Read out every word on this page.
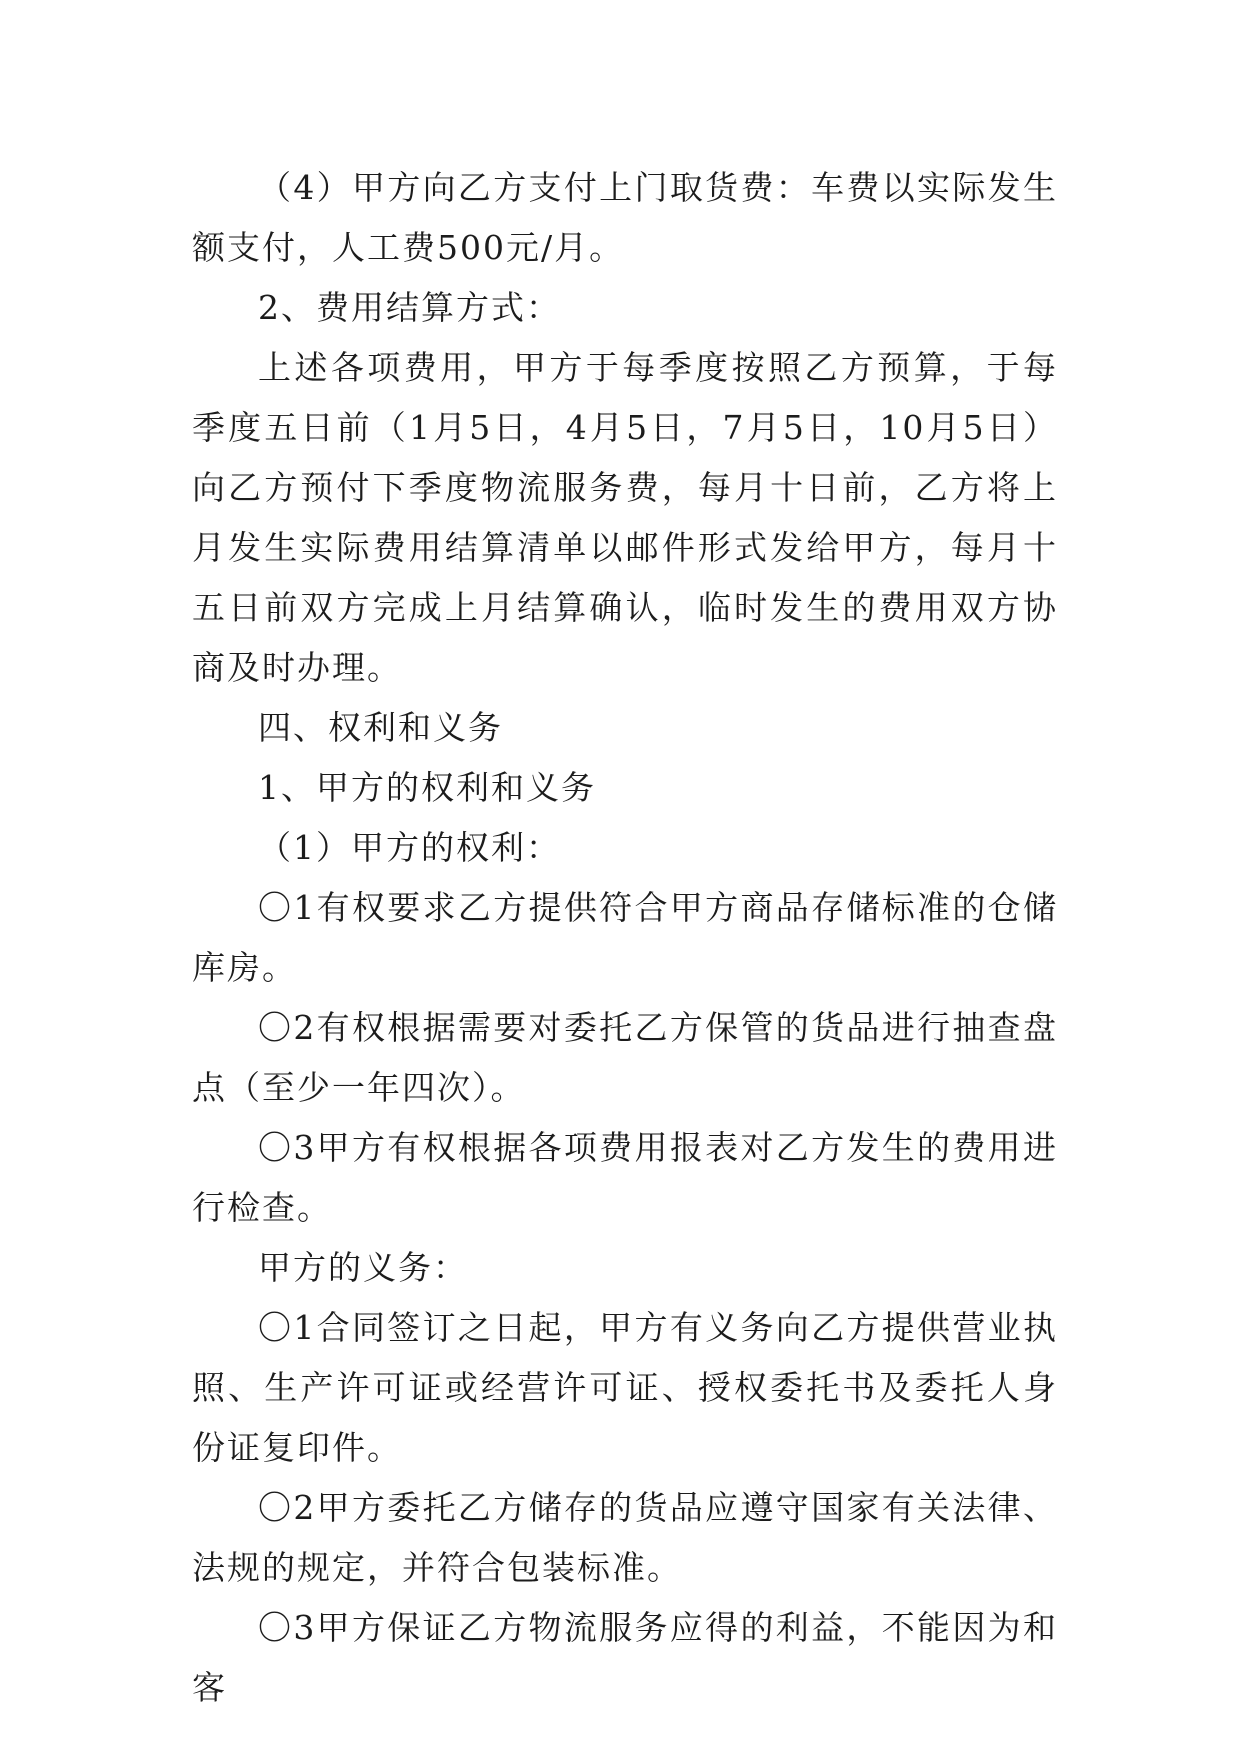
（4）甲方向乙方支付上门取货费：车费以实际发生额支付，人工费500元/月。

2、费用结算方式：

上述各项费用，甲方于每季度按照乙方预算，于每季度五日前（1月5日，4月5日，7月5日，10月5日）向乙方预付下季度物流服务费，每月十日前，乙方将上月发生实际费用结算清单以邮件形式发给甲方，每月十五日前双方完成上月结算确认，临时发生的费用双方协商及时办理。

四、权利和义务

1、甲方的权利和义务

（1）甲方的权利：

〇1有权要求乙方提供符合甲方商品存储标准的仓储库房。

〇2有权根据需要对委托乙方保管的货品进行抽查盘点（至少一年四次）。

〇3甲方有权根据各项费用报表对乙方发生的费用进行检查。

甲方的义务：

〇1合同签订之日起，甲方有义务向乙方提供营业执照、生产许可证或经营许可证、授权委托书及委托人身份证复印件。

〇2甲方委托乙方储存的货品应遵守国家有关法律、法规的规定，并符合包装标准。

〇3甲方保证乙方物流服务应得的利益，不能因为和客
